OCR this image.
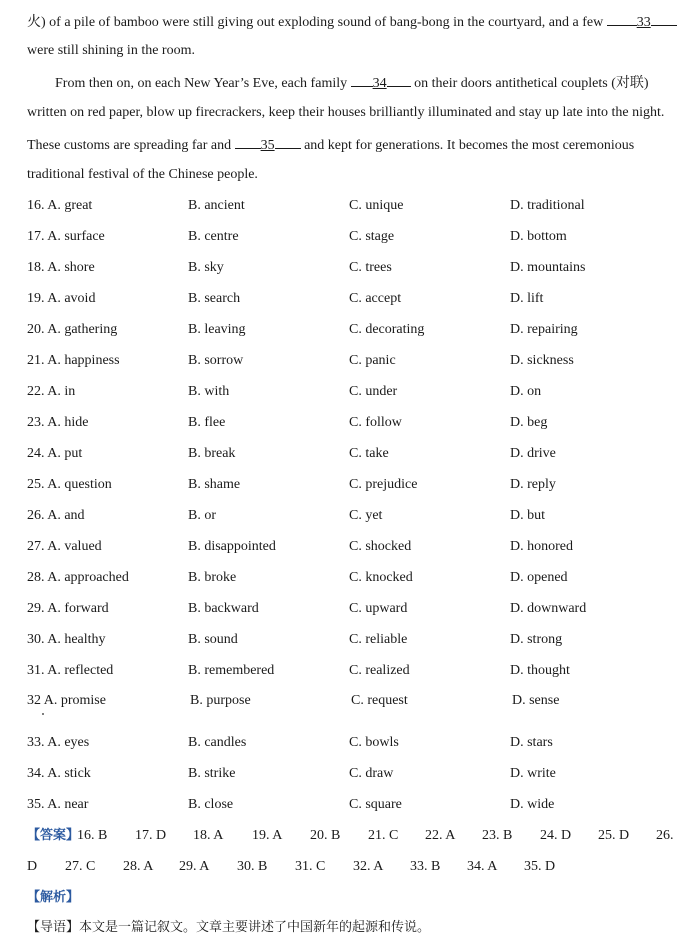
火) of a pile of bamboo were still giving out exploding sound of bang-bong in the courtyard, and a few 33
were still shining in the room.
From then on, on each New Year’s Eve, each family 34 on their doors antithetical couplets (对联)
written on red paper, blow up firecrackers, keep their houses brilliantly illuminated and stay up late into the night.
These customs are spreading far and 35 and kept for generations. It becomes the most ceremonious
traditional festival of the Chinese people.
16. A. great	B. ancient	C. unique	D. traditional
17. A. surface	B. centre	C. stage	D. bottom
18. A. shore	B. sky	C. trees	D. mountains
19. A. avoid	B. search	C. accept	D. lift
20. A. gathering	B. leaving	C. decorating	D. repairing
21. A. happiness	B. sorrow	C. panic	D. sickness
22. A. in	B. with	C. under	D. on
23. A. hide	B. flee	C. follow	D. beg
24. A. put	B. break	C. take	D. drive
25. A. question	B. shame	C. prejudice	D. reply
26. A. and	B. or	C. yet	D. but
27. A. valued	B. disappointed	C. shocked	D. honored
28. A. approached	B. broke	C. knocked	D. opened
29. A. forward	B. backward	C. upward	D. downward
30. A. healthy	B. sound	C. reliable	D. strong
31. A. reflected	B. remembered	C. realized	D. thought
32 A. promise	B. purpose	C. request	D. sense
33. A. eyes	B. candles	C. bowls	D. stars
34. A. stick	B. strike	C. draw	D. write
35. A. near	B. close	C. square	D. wide
【答案】
16. B 17. D 18. A 19. A 20. B 21. C 22. A 23. B 24. D 25. D 26.
D 27. C 28. A 29. A 30. B 31. C 32. A 33. B 34. A 35. D
【解析】
【导语】本文是一篇记叙文。文章主要讲述了中国新年的起源和传说。
